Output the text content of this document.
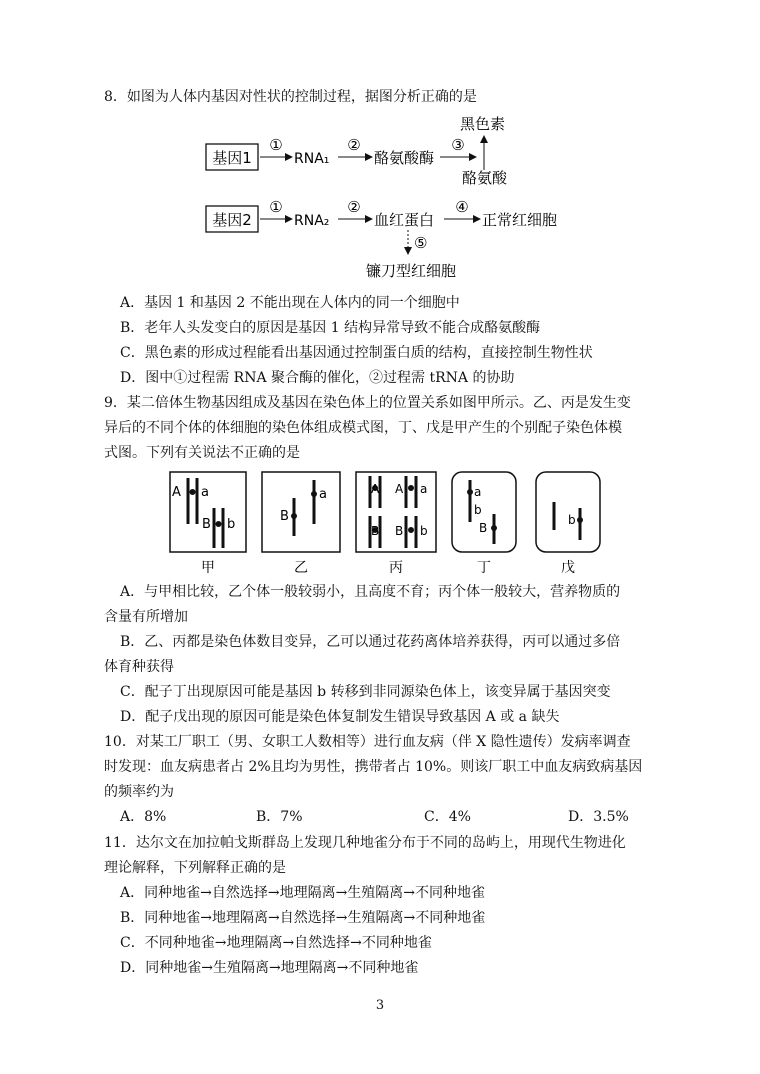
8．如图为人体内基因对性状的控制过程，据图分析正确的是
基因1
①
RNA₁
②
酪氨酸酶
③
黑色素
酪氨酸
基因2
①
RNA₂
②
血红蛋白
④
正常红细胞
⑤
镰刀型红细胞
A．基因 1 和基因 2 不能出现在人体内的同一个细胞中
B．老年人头发变白的原因是基因 1 结构异常导致不能合成酪氨酸酶
C．黑色素的形成过程能看出基因通过控制蛋白质的结构，直接控制生物性状
D．图中①过程需 RNA 聚合酶的催化，②过程需 tRNA 的协助
9．某二倍体生物基因组成及基因在染色体上的位置关系如图甲所示。乙、丙是发生变
异后的不同个体的体细胞的染色体组成模式图，丁、戊是甲产生的个别配子染色体模
式图。下列有关说法不正确的是
A a
B b
甲
B
a
乙
A A a
B B b
丙
a
b
B
丁
b
戊
A．与甲相比较，乙个体一般较弱小，且高度不育；丙个体一般较大，营养物质的
含量有所增加
B．乙、丙都是染色体数目变异，乙可以通过花药离体培养获得，丙可以通过多倍
体育种获得
C．配子丁出现原因可能是基因 b 转移到非同源染色体上，该变异属于基因突变
D．配子戊出现的原因可能是染色体复制发生错误导致基因 A 或 a 缺失
10．对某工厂职工（男、女职工人数相等）进行血友病（伴 X 隐性遗传）发病率调查
时发现：血友病患者占 2%且均为男性，携带者占 10%。则该厂职工中血友病致病基因
的频率约为
A．8%	B．7%	C．4%	D．3.5%
11．达尔文在加拉帕戈斯群岛上发现几种地雀分布于不同的岛屿上，用现代生物进化
理论解释，下列解释正确的是
A．同种地雀→自然选择→地理隔离→生殖隔离→不同种地雀
B．同种地雀→地理隔离→自然选择→生殖隔离→不同种地雀
C．不同种地雀→地理隔离→自然选择→不同种地雀
D．同种地雀→生殖隔离→地理隔离→不同种地雀
3
